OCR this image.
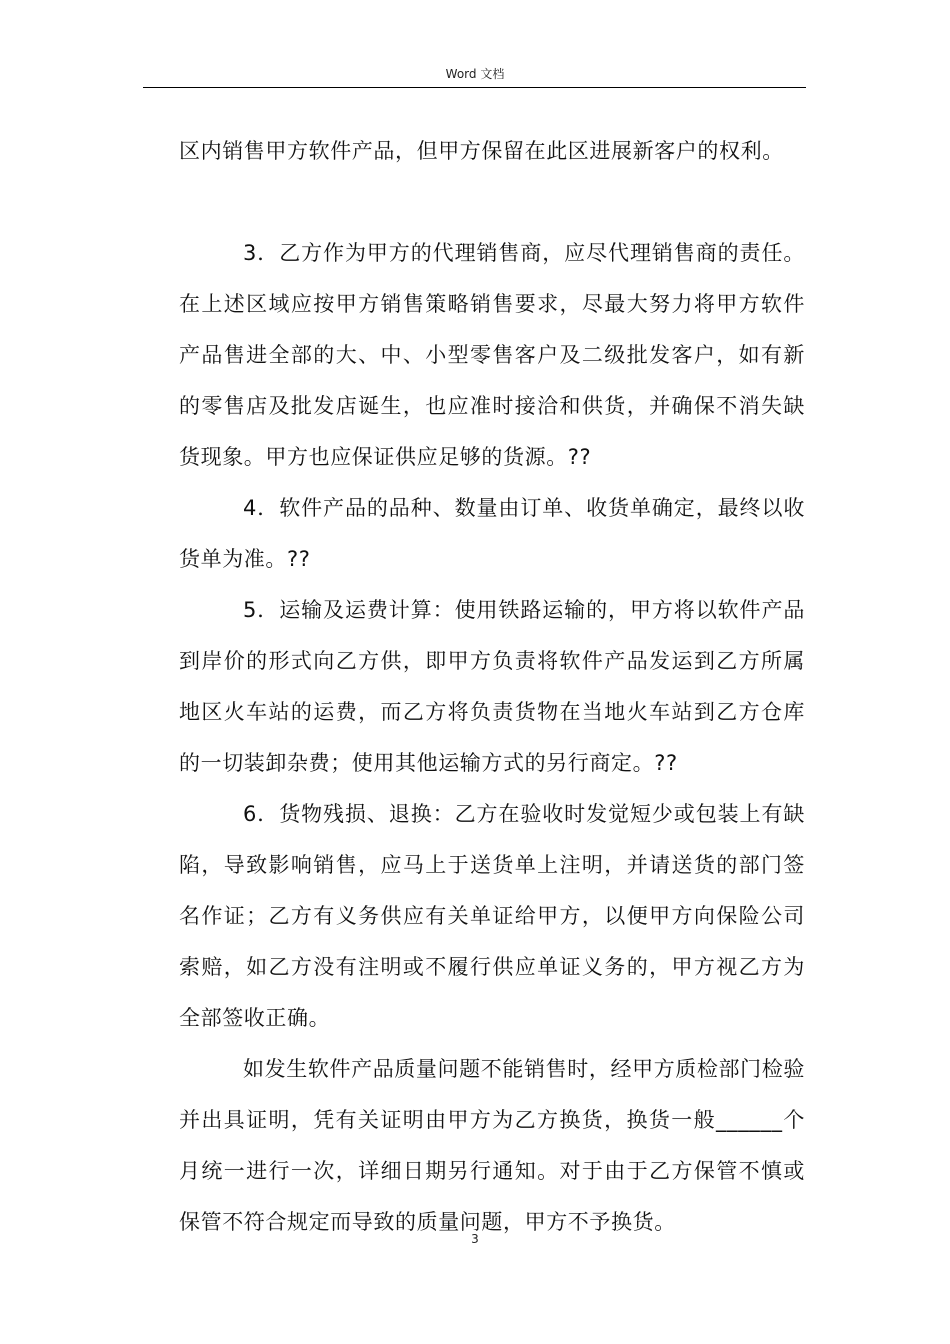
Word 文档

区内销售甲方软件产品，但甲方保留在此区进展新客户的权利。

3．乙方作为甲方的代理销售商，应尽代理销售商的责任。在上述区域应按甲方销售策略销售要求，尽最大努力将甲方软件产品售进全部的大、中、小型零售客户及二级批发客户，如有新的零售店及批发店诞生，也应准时接洽和供货，并确保不消失缺货现象。甲方也应保证供应足够的货源。??

4．软件产品的品种、数量由订单、收货单确定，最终以收货单为准。??

5．运输及运费计算：使用铁路运输的，甲方将以软件产品到岸价的形式向乙方供，即甲方负责将软件产品发运到乙方所属地区火车站的运费，而乙方将负责货物在当地火车站到乙方仓库的一切装卸杂费；使用其他运输方式的另行商定。??

6．货物残损、退换：乙方在验收时发觉短少或包装上有缺陷，导致影响销售，应马上于送货单上注明，并请送货的部门签名作证；乙方有义务供应有关单证给甲方，以便甲方向保险公司索赔，如乙方没有注明或不履行供应单证义务的，甲方视乙方为全部签收正确。

如发生软件产品质量问题不能销售时，经甲方质检部门检验并出具证明，凭有关证明由甲方为乙方换货，换货一般______个月统一进行一次，详细日期另行通知。对于由于乙方保管不慎或保管不符合规定而导致的质量问题，甲方不予换货。

3
